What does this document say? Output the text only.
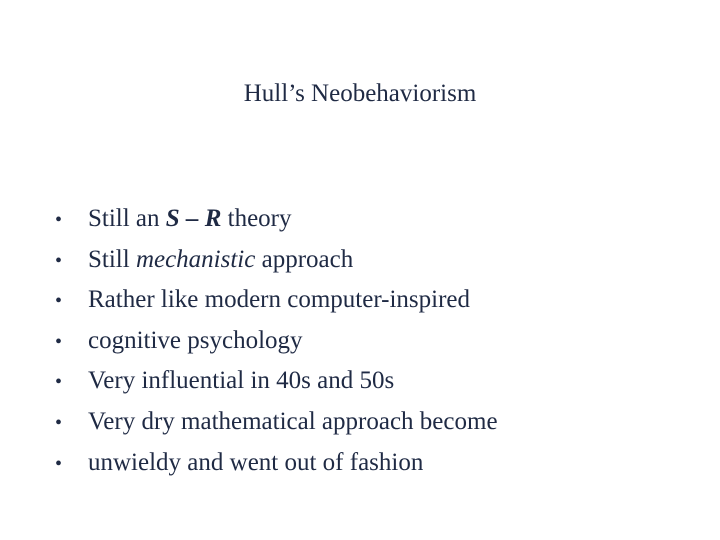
Hull’s Neobehaviorism
•	Still an S – R theory
•	Still mechanistic approach
•	Rather like modern computer-inspired
•	cognitive psychology
•	Very influential in 40s and 50s
•	Very dry mathematical approach become
•	unwieldy and went out of fashion
